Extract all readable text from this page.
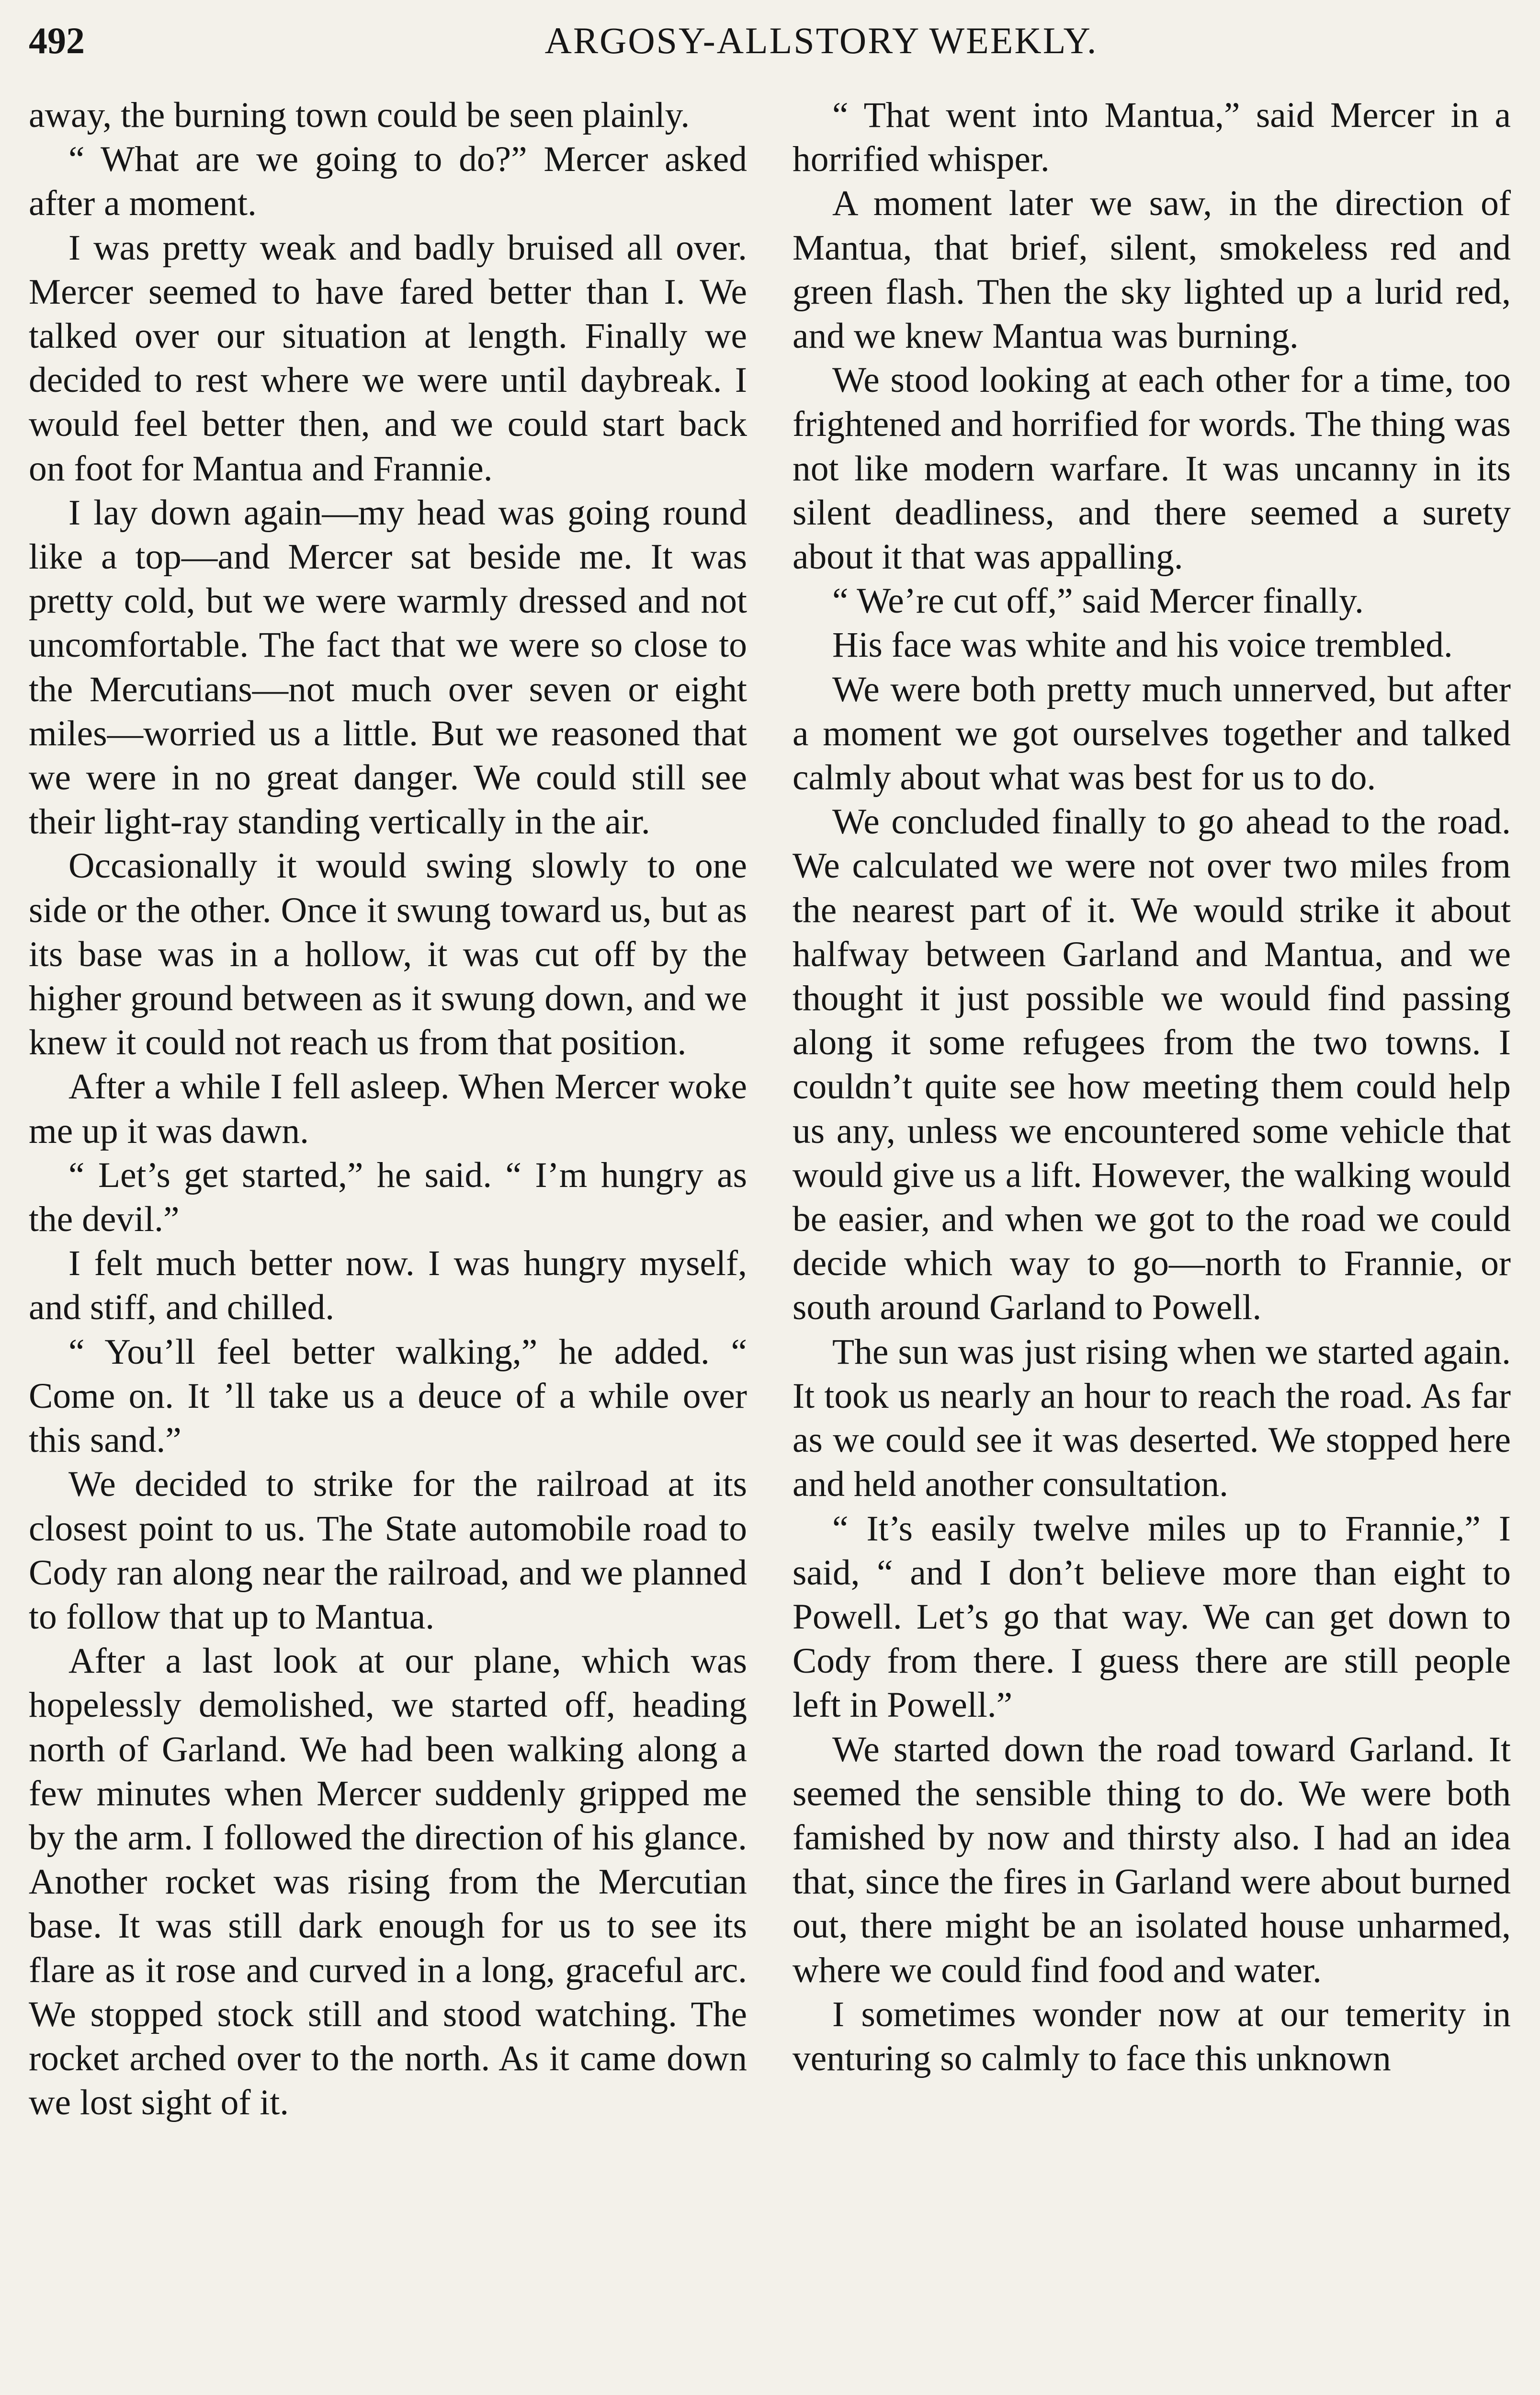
492	ARGOSY-ALLSTORY WEEKLY.

away, the burning town could be seen plainly.

“ What are we going to do?” Mercer asked after a moment.

I was pretty weak and badly bruised all over. Mercer seemed to have fared better than I. We talked over our situation at length. Finally we decided to rest where we were until daybreak. I would feel better then, and we could start back on foot for Mantua and Frannie.

I lay down again—my head was going round like a top—and Mercer sat beside me. It was pretty cold, but we were warmly dressed and not uncomfortable. The fact that we were so close to the Mercutians—not much over seven or eight miles—worried us a little. But we reasoned that we were in no great danger. We could still see their light-ray standing vertically in the air.

Occasionally it would swing slowly to one side or the other. Once it swung toward us, but as its base was in a hollow, it was cut off by the higher ground between as it swung down, and we knew it could not reach us from that position.

After a while I fell asleep. When Mercer woke me up it was dawn.

“ Let’s get started,” he said. “ I’m hungry as the devil.”

I felt much better now. I was hungry myself, and stiff, and chilled.

“ You’ll feel better walking,” he added. “ Come on. It ’ll take us a deuce of a while over this sand.”

We decided to strike for the railroad at its closest point to us. The State automobile road to Cody ran along near the railroad, and we planned to follow that up to Mantua.

After a last look at our plane, which was hopelessly demolished, we started off, heading north of Garland. We had been walking along a few minutes when Mercer suddenly gripped me by the arm. I followed the direction of his glance. Another rocket was rising from the Mercutian base. It was still dark enough for us to see its flare as it rose and curved in a long, graceful arc. We stopped stock still and stood watching. The rocket arched over to the north. As it came down we lost sight of it.

“ That went into Mantua,” said Mercer in a horrified whisper.

A moment later we saw, in the direction of Mantua, that brief, silent, smokeless red and green flash. Then the sky lighted up a lurid red, and we knew Mantua was burning.

We stood looking at each other for a time, too frightened and horrified for words. The thing was not like modern warfare. It was uncanny in its silent deadliness, and there seemed a surety about it that was appalling.

“ We’re cut off,” said Mercer finally.

His face was white and his voice trembled.

We were both pretty much unnerved, but after a moment we got ourselves together and talked calmly about what was best for us to do.

We concluded finally to go ahead to the road. We calculated we were not over two miles from the nearest part of it. We would strike it about halfway between Garland and Mantua, and we thought it just possible we would find passing along it some refugees from the two towns. I couldn’t quite see how meeting them could help us any, unless we encountered some vehicle that would give us a lift. However, the walking would be easier, and when we got to the road we could decide which way to go—north to Frannie, or south around Garland to Powell.

The sun was just rising when we started again. It took us nearly an hour to reach the road. As far as we could see it was deserted. We stopped here and held another consultation.

“ It’s easily twelve miles up to Frannie,” I said, “ and I don’t believe more than eight to Powell. Let’s go that way. We can get down to Cody from there. I guess there are still people left in Powell.”

We started down the road toward Garland. It seemed the sensible thing to do. We were both famished by now and thirsty also. I had an idea that, since the fires in Garland were about burned out, there might be an isolated house unharmed, where we could find food and water.

I sometimes wonder now at our temerity in venturing so calmly to face this unknown
